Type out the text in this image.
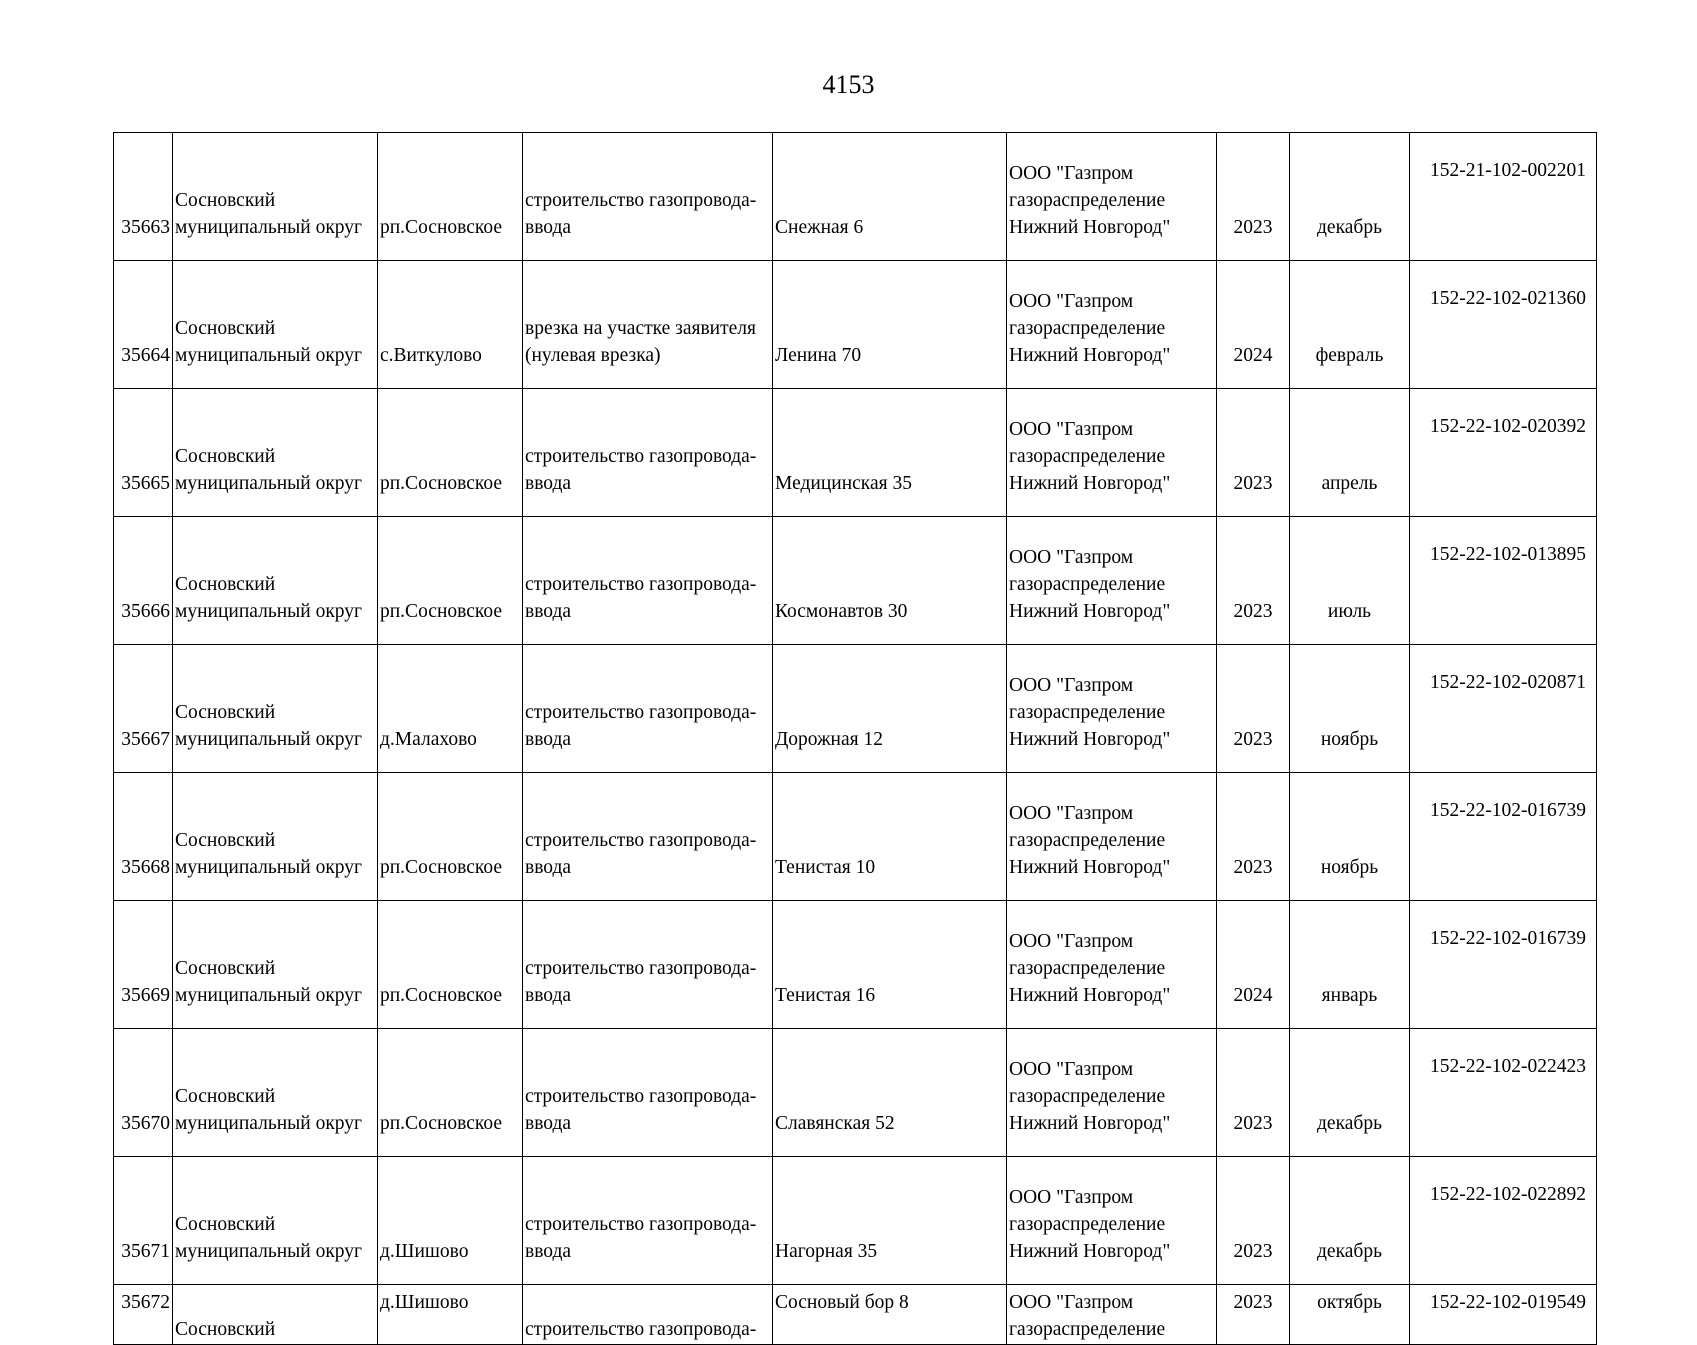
4153
35663	Сосновский
муниципальный округ	рп.Сосновское	строительство газопровода-
ввода	Снежная 6	ООО "Газпром
газораспределение
Нижний Новгород"	2023	декабрь	152-21-102-002201
35664	Сосновский
муниципальный округ	с.Виткулово	врезка на участке заявителя
(нулевая врезка)	Ленина 70	ООО "Газпром
газораспределение
Нижний Новгород"	2024	февраль	152-22-102-021360
35665	Сосновский
муниципальный округ	рп.Сосновское	строительство газопровода-
ввода	Медицинская 35	ООО "Газпром
газораспределение
Нижний Новгород"	2023	апрель	152-22-102-020392
35666	Сосновский
муниципальный округ	рп.Сосновское	строительство газопровода-
ввода	Космонавтов 30	ООО "Газпром
газораспределение
Нижний Новгород"	2023	июль	152-22-102-013895
35667	Сосновский
муниципальный округ	д.Малахово	строительство газопровода-
ввода	Дорожная 12	ООО "Газпром
газораспределение
Нижний Новгород"	2023	ноябрь	152-22-102-020871
35668	Сосновский
муниципальный округ	рп.Сосновское	строительство газопровода-
ввода	Тенистая 10	ООО "Газпром
газораспределение
Нижний Новгород"	2023	ноябрь	152-22-102-016739
35669	Сосновский
муниципальный округ	рп.Сосновское	строительство газопровода-
ввода	Тенистая 16	ООО "Газпром
газораспределение
Нижний Новгород"	2024	январь	152-22-102-016739
35670	Сосновский
муниципальный округ	рп.Сосновское	строительство газопровода-
ввода	Славянская 52	ООО "Газпром
газораспределение
Нижний Новгород"	2023	декабрь	152-22-102-022423
35671	Сосновский
муниципальный округ	д.Шишово	строительство газопровода-
ввода	Нагорная 35	ООО "Газпром
газораспределение
Нижний Новгород"	2023	декабрь	152-22-102-022892
35672	Сосновский	д.Шишово	строительство газопровода-	Сосновый бор 8	ООО "Газпром
газораспределение	2023	октябрь	152-22-102-019549
